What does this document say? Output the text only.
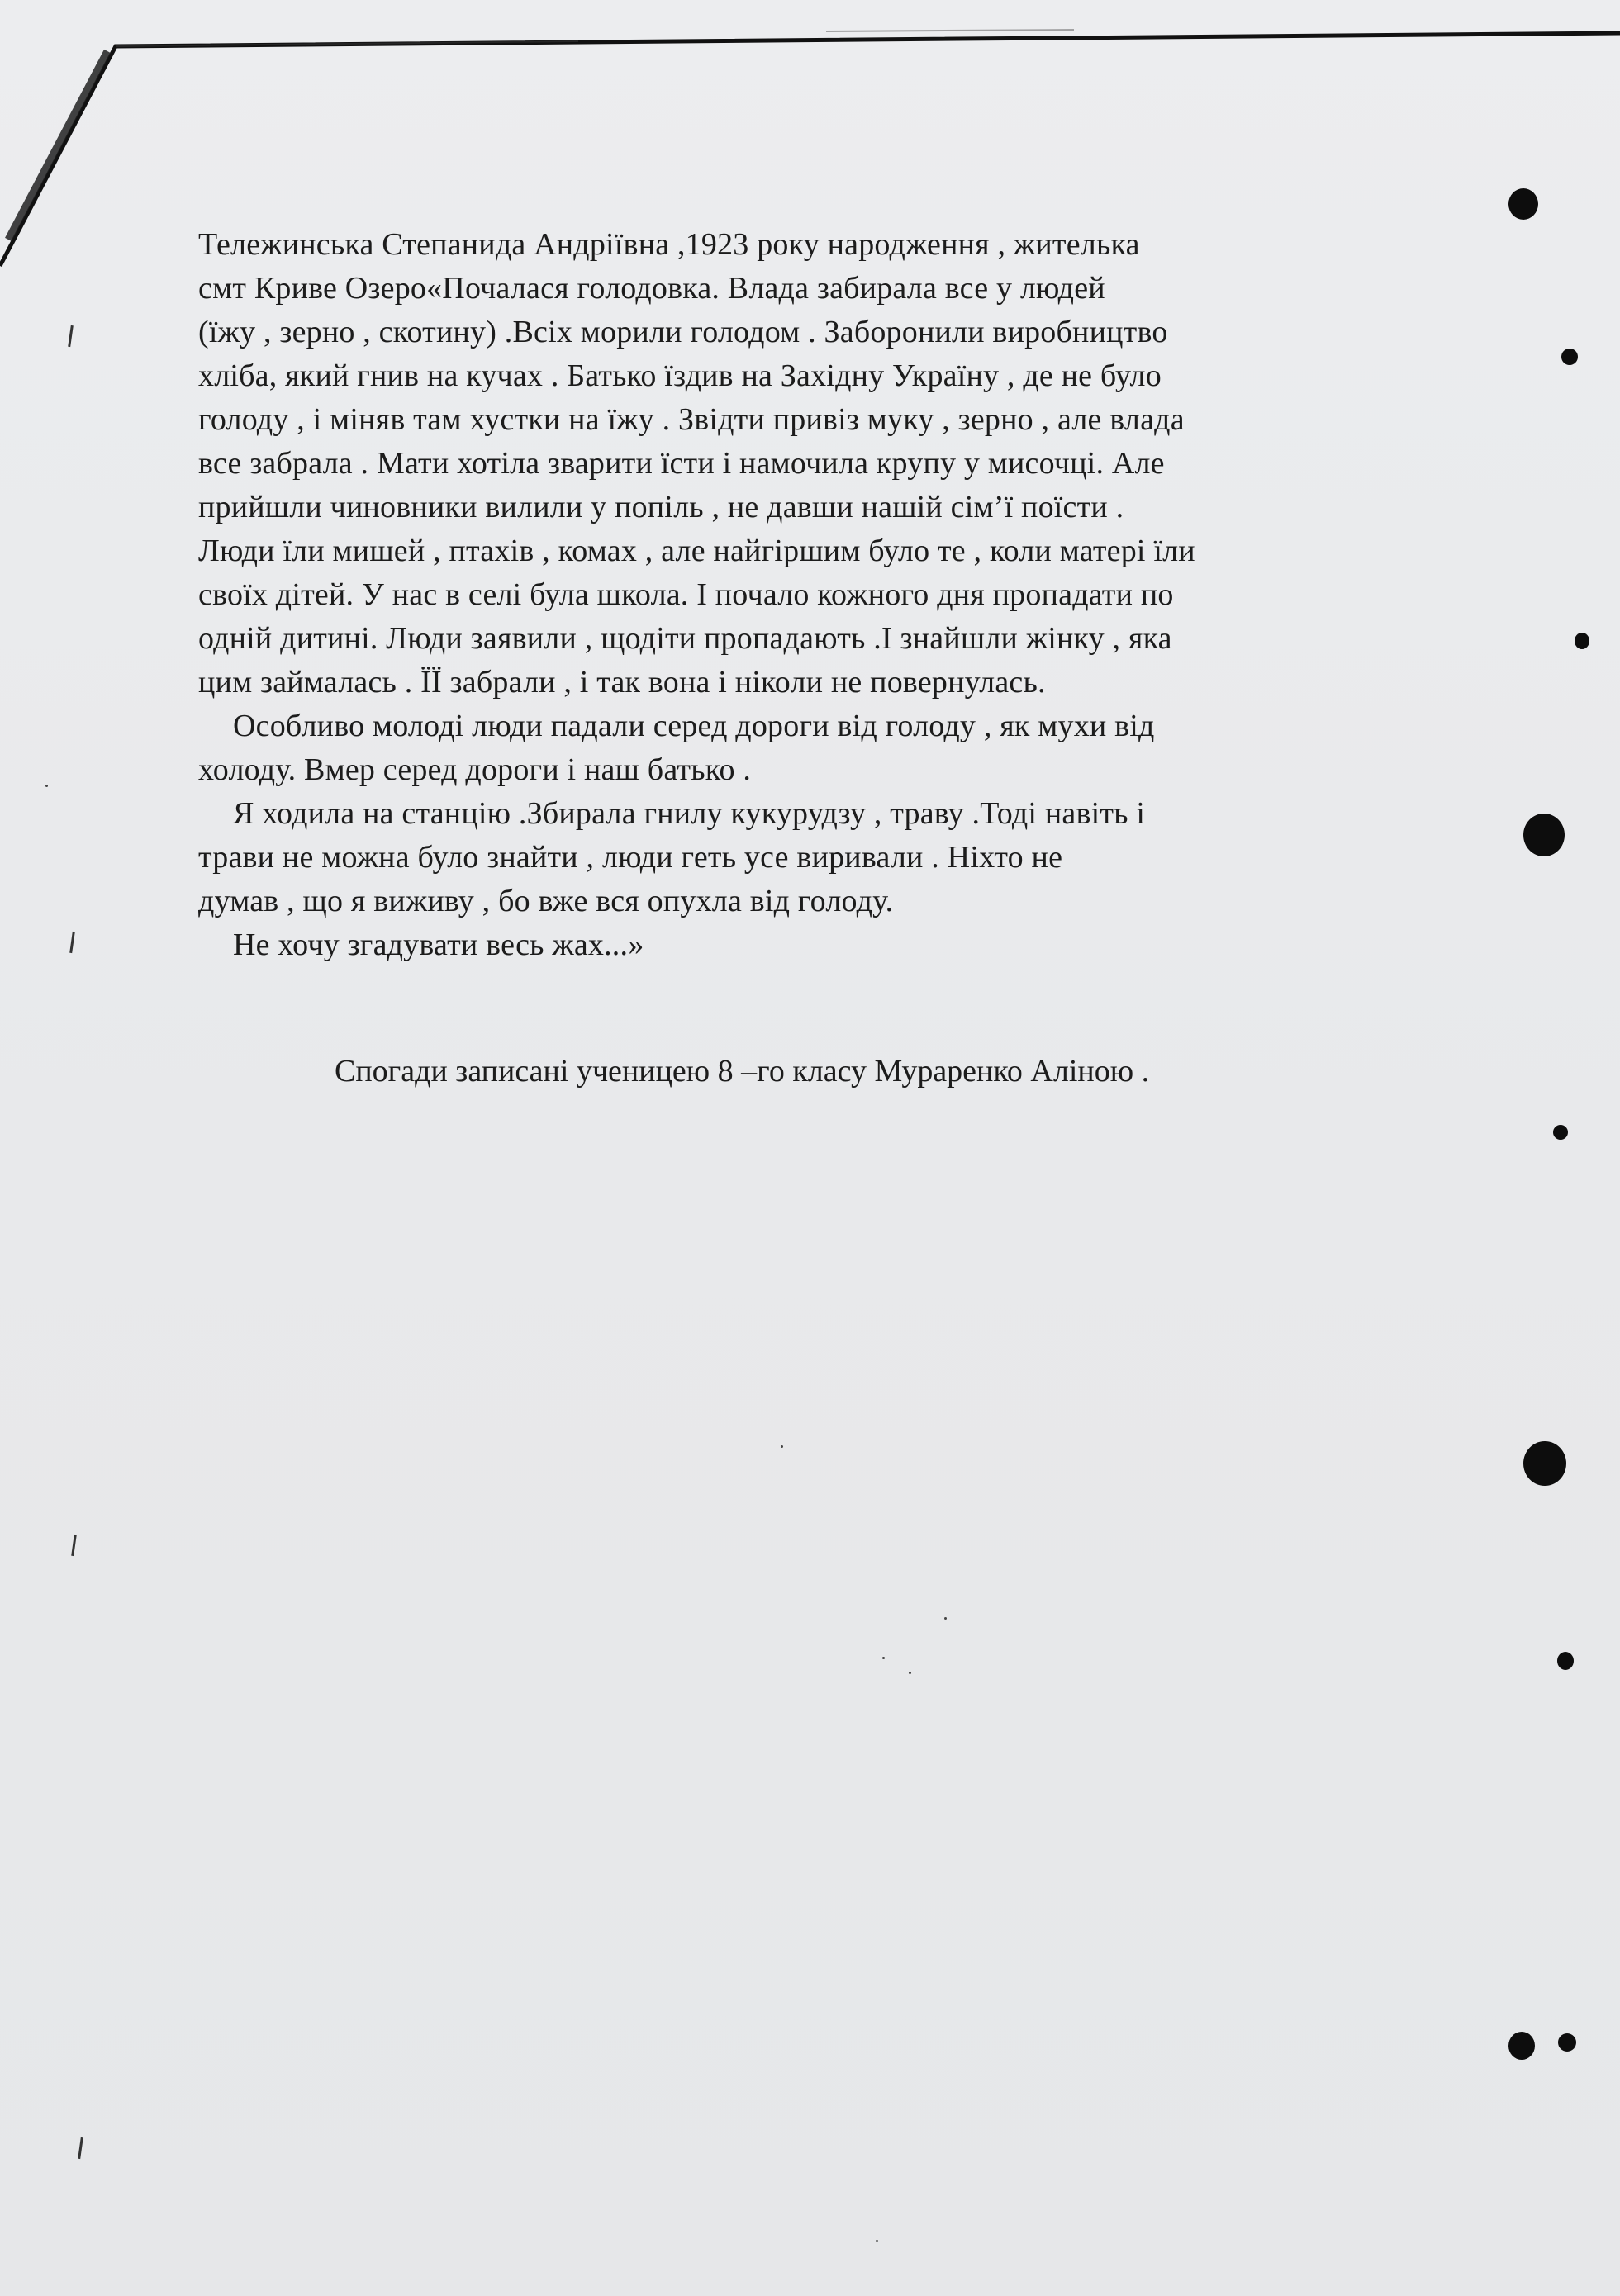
Тележинська Степанида Андріївна ,1923 року народження , жителька
смт Криве Озеро«Почалася голодовка. Влада забирала все у людей
(їжу , зерно , скотину) .Всіх морили голодом . Заборонили виробництво
хліба, який гнив на кучах . Батько їздив на Західну Україну , де не було
голоду , і міняв там хустки на їжу . Звідти привіз муку , зерно , але влада
все забрала . Мати хотіла зварити їсти і намочила крупу у мисочці. Але
прийшли чиновники вилили у попіль , не давши нашій сім’ї поїсти .
Люди їли мишей , птахів , комах , але найгіршим було те , коли матері їли
своїх дітей. У нас в селі була школа. І почало кожного дня пропадати по
одній дитині. Люди заявили , щодіти пропадають .І знайшли жінку , яка
цим займалась . ЇЇ забрали , і так вона і ніколи не повернулась.
Особливо молоді люди падали серед дороги від голоду , як мухи від
холоду. Вмер серед дороги і наш батько .
Я ходила на станцію .Збирала гнилу кукурудзу , траву .Тоді навіть і
трави не можна було знайти , люди геть усе виривали . Ніхто не
думав , що я виживу , бо вже вся опухла від голоду.
Не хочу згадувати весь жах...»
Спогади записані учeницею 8 –го класу Мураренко Аліною .
